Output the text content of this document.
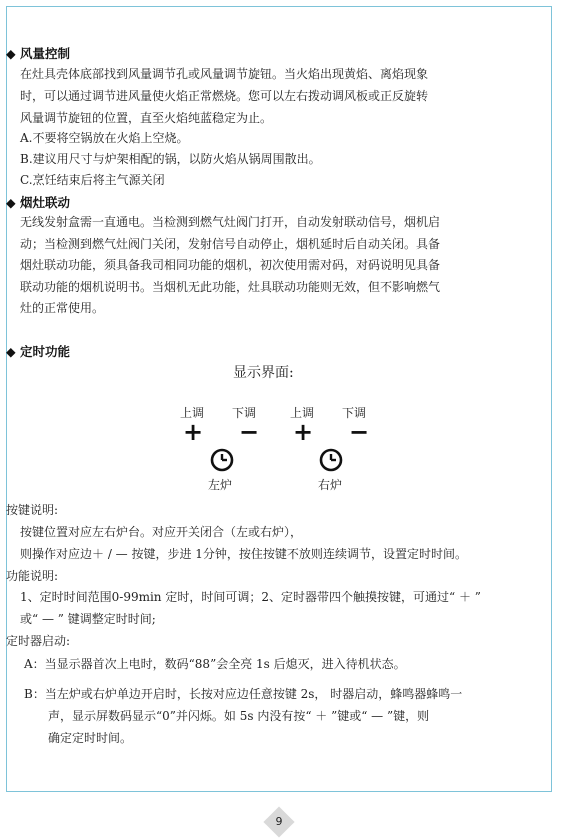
◆ 风量控制
在灶具壳体底部找到风量调节孔或风量调节旋钮。当火焰出现黄焰、离焰现象
时，可以通过调节进风量使火焰正常燃烧。您可以左右拨动调风板或正反旋转
风量调节旋钮的位置，直至火焰纯蓝稳定为止。
A.不要将空锅放在火焰上空烧。
B.建议用尺寸与炉架相配的锅，以防火焰从锅周围散出。
C.烹饪结束后将主气源关闭
◆ 烟灶联动
无线发射盒需一直通电。当检测到燃气灶阀门打开，自动发射联动信号，烟机启
动；当检测到燃气灶阀门关闭，发射信号自动停止，烟机延时后自动关闭。具备
烟灶联动功能，须具备我司相同功能的烟机，初次使用需对码，对码说明见具备
联动功能的烟机说明书。当烟机无此功能，灶具联动功能则无效，但不影响燃气
灶的正常使用。
◆ 定时功能
显示界面:
上调 下调	上调 下调
+ − + −
左炉	右炉
按键说明:
按键位置对应左右炉台。对应开关闭合（左或右炉），
则操作对应边＋ / — 按键，步进 1分钟，按住按键不放则连续调节，设置定时时间。
功能说明:
1、定时时间范围0-99min 定时，时间可调；2、定时器带四个触摸按键，可通过“ ＋ ”
或“ — ” 键调整定时时间;
定时器启动:
A：当显示器首次上电时，数码“88”会全亮 1s 后熄灭，进入待机状态。
B：当左炉或右炉单边开启时，长按对应边任意按键 2s， 时器启动，蜂鸣器蜂鸣一
声，显示屏数码显示“0”并闪烁。如 5s 内没有按“ ＋ ”键或“ — ”键，则
确定定时时间。
9
